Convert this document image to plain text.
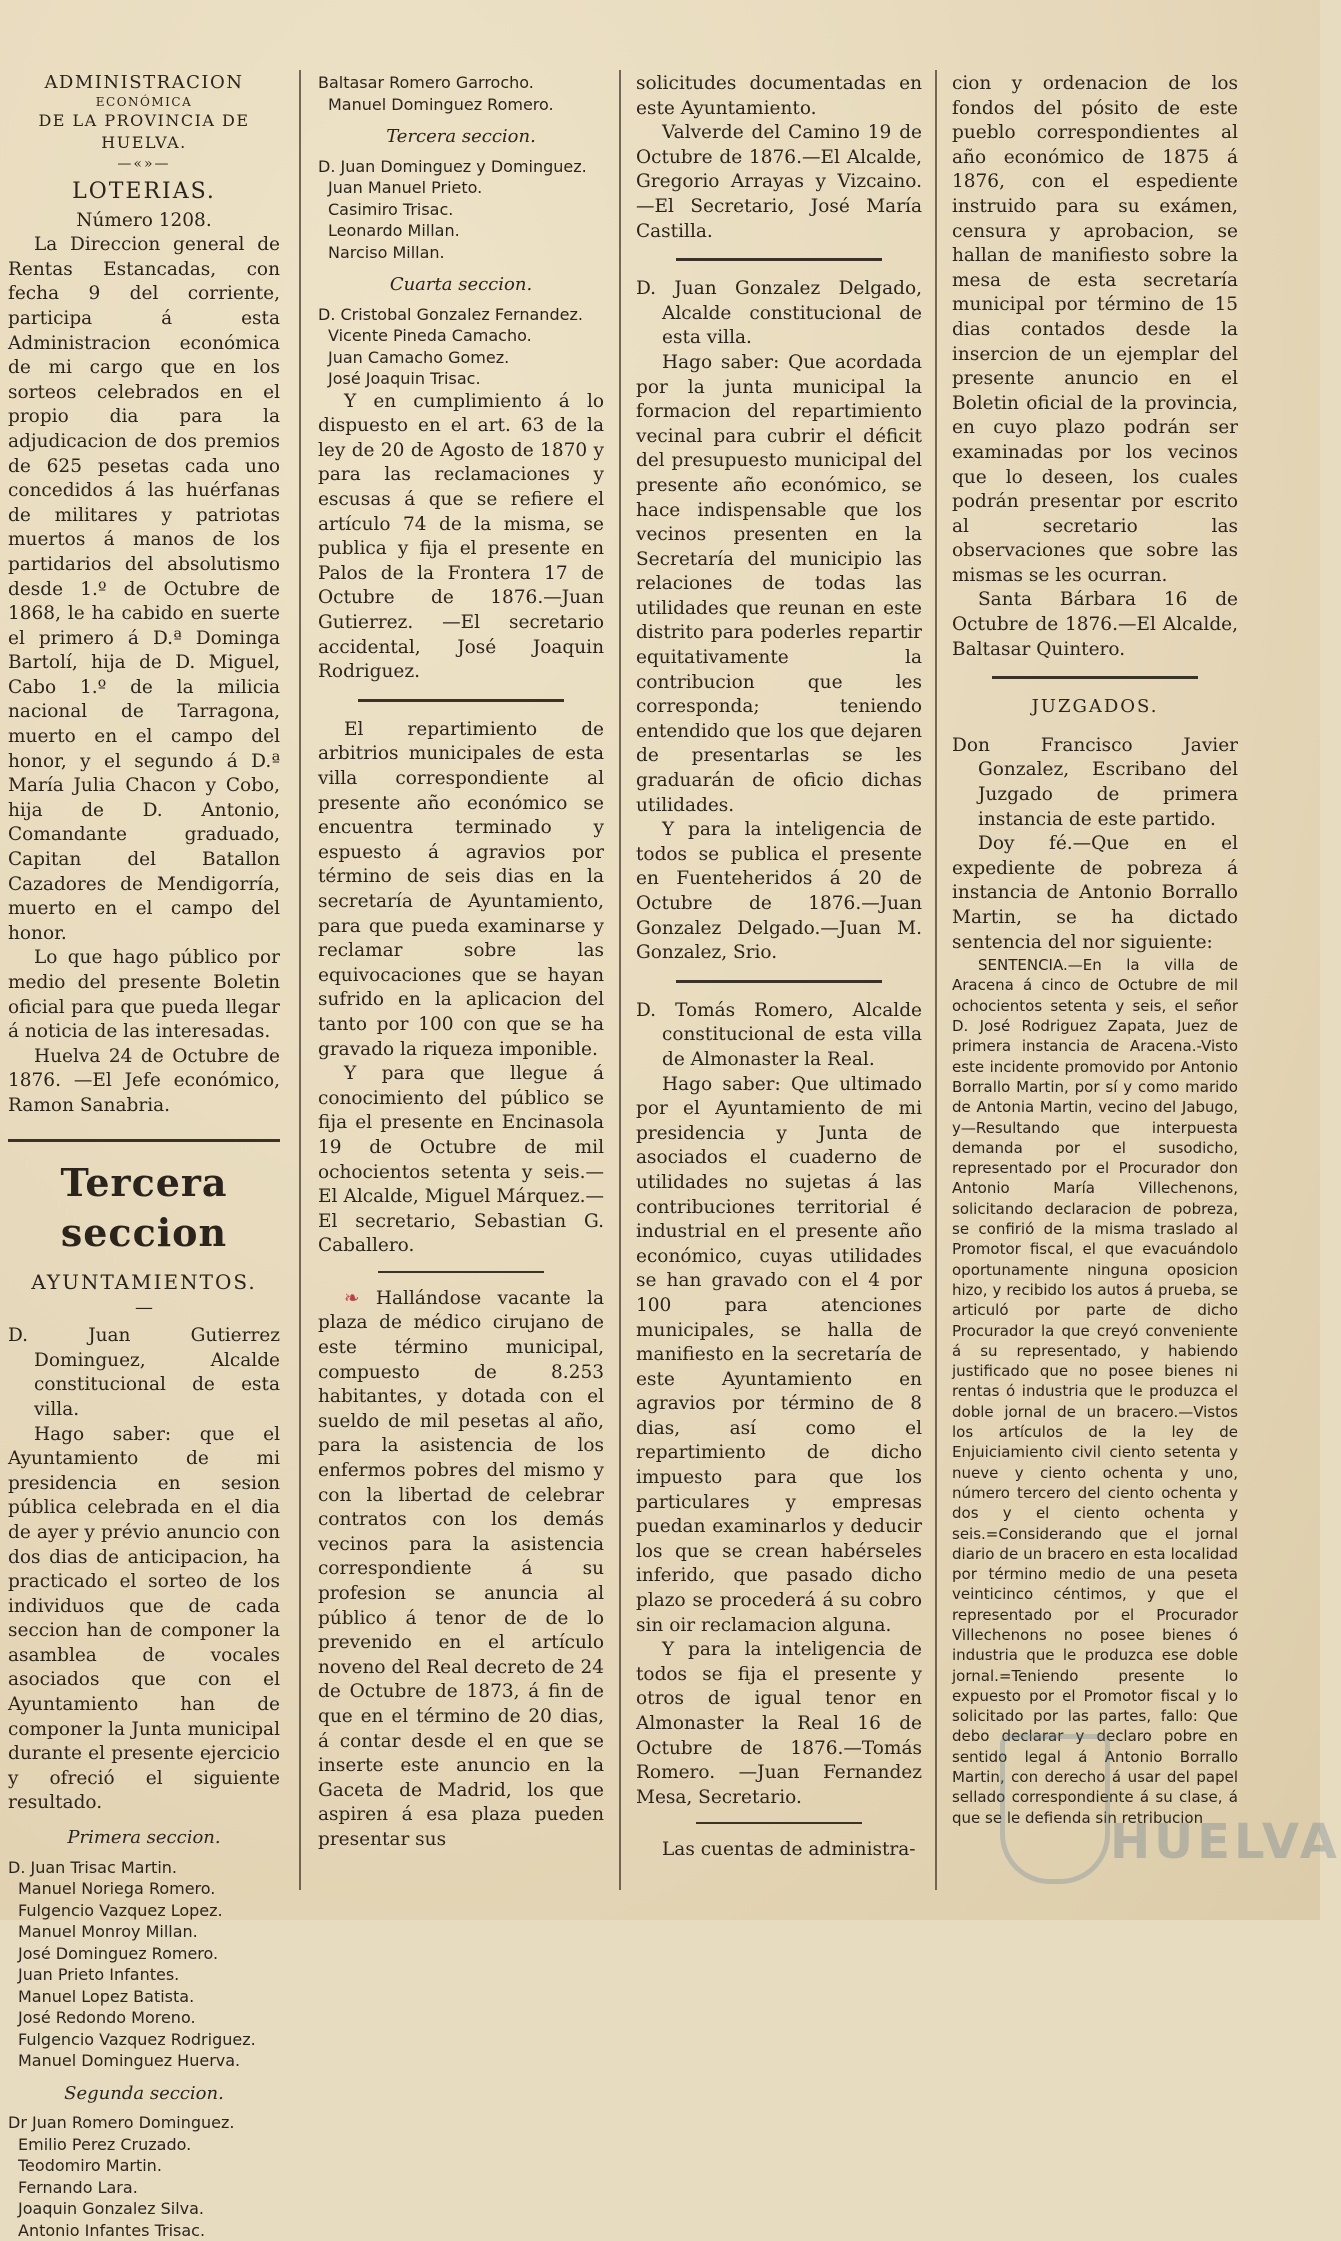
ADMINISTRACION
ECONÓMICA
DE LA PROVINCIA DE HUELVA.
—«»—
LOTERIAS.
Número 1208.

La Direccion general de Rentas Estancadas, con fecha 9 del corriente, participa á esta Administracion económica de mi cargo que en los sorteos celebrados en el propio dia para la adjudicacion de dos premios de 625 pesetas cada uno concedidos á las huérfanas de militares y patriotas muertos á manos de los partidarios del absolutismo desde 1.º de Octubre de 1868, le ha cabido en suerte el primero á D.ª Dominga Bartolí, hija de D. Miguel, Cabo 1.º de la milicia nacional de Tarragona, muerto en el campo del honor, y el segundo á D.ª María Julia Chacon y Cobo, hija de D. Antonio, Comandante graduado, Capitan del Batallon Cazadores de Mendigorría, muerto en el campo del honor.

Lo que hago público por medio del presente Boletin oficial para que pueda llegar á noticia de las interesadas.

Huelva 24 de Octubre de 1876. —El Jefe económico, Ramon Sanabria.

Tercera seccion
AYUNTAMIENTOS.
—

D. Juan Gutierrez Dominguez, Alcalde constitucional de esta villa.

Hago saber: que el Ayuntamiento de mi presidencia en sesion pública celebrada en el dia de ayer y prévio anuncio con dos dias de anticipacion, ha practicado el sorteo de los individuos que de cada seccion han de componer la asamblea de vocales asociados que con el Ayuntamiento han de componer la Junta municipal durante el presente ejercicio y ofreció el siguiente resultado.

Primera seccion.
D. Juan Trisac Martin.
Manuel Noriega Romero.
Fulgencio Vazquez Lopez.
Manuel Monroy Millan.
José Dominguez Romero.
Juan Prieto Infantes.
Manuel Lopez Batista.
José Redondo Moreno.
Fulgencio Vazquez Rodriguez.
Manuel Dominguez Huerva.
Segunda seccion.
Dr Juan Romero Dominguez.
Emilio Perez Cruzado.
Teodomiro Martin.
Fernando Lara.
Joaquin Gonzalez Silva.
Antonio Infantes Trisac.
Baltasar Romero Garrocho.
Manuel Dominguez Romero.
Tercera seccion.
D. Juan Dominguez y Dominguez.
Juan Manuel Prieto.
Casimiro Trisac.
Leonardo Millan.
Narciso Millan.
Cuarta seccion.
D. Cristobal Gonzalez Fernandez.
Vicente Pineda Camacho.
Juan Camacho Gomez.
José Joaquin Trisac.

Y en cumplimiento á lo dispuesto en el art. 63 de la ley de 20 de Agosto de 1870 y para las reclamaciones y escusas á que se refiere el artículo 74 de la misma, se publica y fija el presente en Palos de la Frontera 17 de Octubre de 1876.—Juan Gutierrez. —El secretario accidental, José Joaquin Rodriguez.

El repartimiento de arbitrios municipales de esta villa correspondiente al presente año económico se encuentra terminado y espuesto á agravios por término de seis dias en la secretaría de Ayuntamiento, para que pueda examinarse y reclamar sobre las equivocaciones que se hayan sufrido en la aplicacion del tanto por 100 con que se ha gravado la riqueza imponible.

Y para que llegue á conocimiento del público se fija el presente en Encinasola 19 de Octubre de mil ochocientos setenta y seis.—El Alcalde, Miguel Márquez.—El secretario, Sebastian G. Caballero.

❧ Hallándose vacante la plaza de médico cirujano de este término municipal, compuesto de 8.253 habitantes, y dotada con el sueldo de mil pesetas al año, para la asistencia de los enfermos pobres del mismo y con la libertad de celebrar contratos con los demás vecinos para la asistencia correspondiente á su profesion se anuncia al público á tenor de de lo prevenido en el artículo noveno del Real decreto de 24 de Octubre de 1873, á fin de que en el término de 20 dias, á contar desde el en que se inserte este anuncio en la Gaceta de Madrid, los que aspiren á esa plaza pueden presentar sus

solicitudes documentadas en este Ayuntamiento.

Valverde del Camino 19 de Octubre de 1876.—El Alcalde, Gregorio Arrayas y Vizcaino.—El Secretario, José María Castilla.

D. Juan Gonzalez Delgado, Alcalde constitucional de esta villa.

Hago saber: Que acordada por la junta municipal la formacion del repartimiento vecinal para cubrir el déficit del presupuesto municipal del presente año económico, se hace indispensable que los vecinos presenten en la Secretaría del municipio las relaciones de todas las utilidades que reunan en este distrito para poderles repartir equitativamente la contribucion que les corresponda; teniendo entendido que los que dejaren de presentarlas se les graduarán de oficio dichas utilidades.

Y para la inteligencia de todos se publica el presente en Fuenteheridos á 20 de Octubre de 1876.—Juan Gonzalez Delgado.—Juan M. Gonzalez, Srio.

D. Tomás Romero, Alcalde constitucional de esta villa de Almonaster la Real.

Hago saber: Que ultimado por el Ayuntamiento de mi presidencia y Junta de asociados el cuaderno de utilidades no sujetas á las contribuciones territorial é industrial en el presente año económico, cuyas utilidades se han gravado con el 4 por 100 para atenciones municipales, se halla de manifiesto en la secretaría de este Ayuntamiento en agravios por término de 8 dias, así como el repartimiento de dicho impuesto para que los particulares y empresas puedan examinarlos y deducir los que se crean habérseles inferido, que pasado dicho plazo se procederá á su cobro sin oir reclamacion alguna.

Y para la inteligencia de todos se fija el presente y otros de igual tenor en Almonaster la Real 16 de Octubre de 1876.—Tomás Romero. —Juan Fernandez Mesa, Secretario.

Las cuentas de administra-

cion y ordenacion de los fondos del pósito de este pueblo correspondientes al año económico de 1875 á 1876, con el espediente instruido para su exámen, censura y aprobacion, se hallan de manifiesto sobre la mesa de esta secretaría municipal por término de 15 dias contados desde la insercion de un ejemplar del presente anuncio en el Boletin oficial de la provincia, en cuyo plazo podrán ser examinadas por los vecinos que lo deseen, los cuales podrán presentar por escrito al secretario las observaciones que sobre las mismas se les ocurran.

Santa Bárbara 16 de Octubre de 1876.—El Alcalde, Baltasar Quintero.

JUZGADOS.

Don Francisco Javier Gonzalez, Escribano del Juzgado de primera instancia de este partido.

Doy fé.—Que en el expediente de pobreza á instancia de Antonio Borrallo Martin, se ha dictado sentencia del nor siguiente:

SENTENCIA.—En la villa de Aracena á cinco de Octubre de mil ochocientos setenta y seis, el señor D. José Rodriguez Zapata, Juez de primera instancia de Aracena.-Visto este incidente promovido por Antonio Borrallo Martin, por sí y como marido de Antonia Martin, vecino del Jabugo, y—Resultando que interpuesta demanda por el susodicho, representado por el Procurador don Antonio María Villechenons, solicitando declaracion de pobreza, se confirió de la misma traslado al Promotor fiscal, el que evacuándolo oportunamente ninguna oposicion hizo, y recibido los autos á prueba, se articuló por parte de dicho Procurador la que creyó conveniente á su representado, y habiendo justificado que no posee bienes ni rentas ó industria que le produzca el doble jornal de un bracero.—Vistos los artículos de la ley de Enjuiciamiento civil ciento setenta y nueve y ciento ochenta y uno, número tercero del ciento ochenta y dos y el ciento ochenta y seis.=Considerando que el jornal diario de un bracero en esta localidad por término medio de una peseta veinticinco céntimos, y que el representado por el Procurador Villechenons no posee bienes ó industria que le produzca ese doble jornal.=Teniendo presente lo expuesto por el Promotor fiscal y lo solicitado por las partes, fallo: Que debo declarar y declaro pobre en sentido legal á Antonio Borrallo Martin, con derecho á usar del papel sellado correspondiente á su clase, á que se le defienda sin retribucion

HUELVA
